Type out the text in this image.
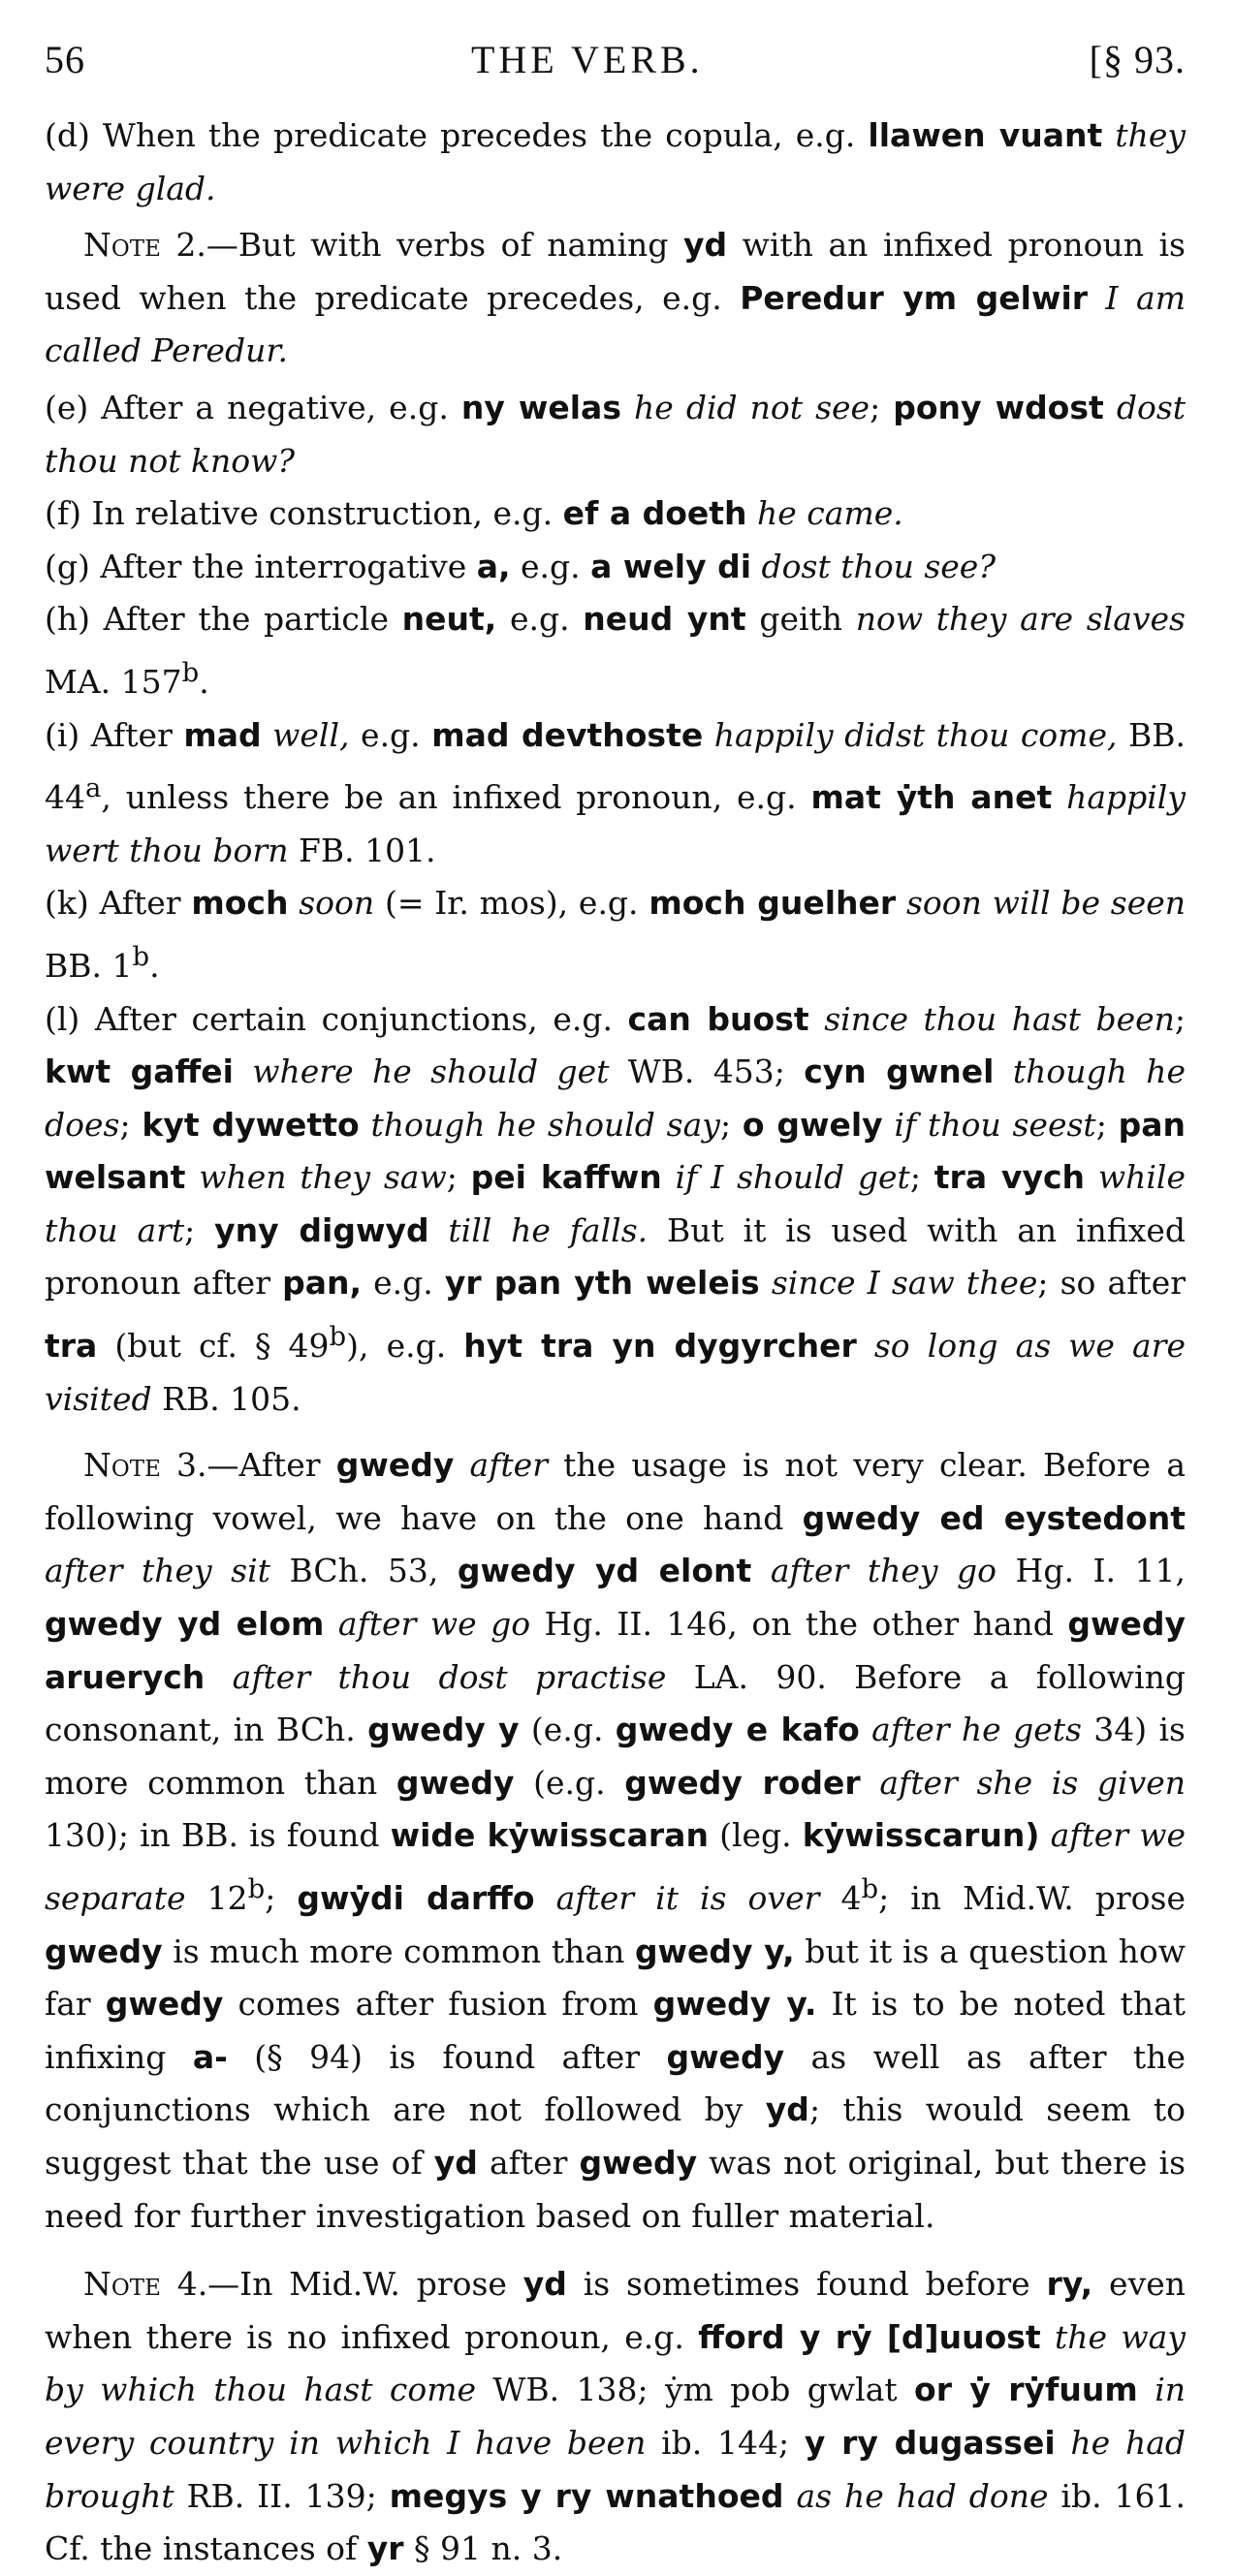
56	THE VERB.	[§ 93.

(d) When the predicate precedes the copula, e.g. llawen vuant they were glad.

Note 2.—But with verbs of naming yd with an infixed pronoun is used when the predicate precedes, e.g. Peredur ym gelwir I am called Peredur.

(e) After a negative, e.g. ny welas he did not see; pony wdost dost thou not know?

(f) In relative construction, e.g. ef a doeth he came.

(g) After the interrogative a, e.g. a wely di dost thou see?

(h) After the particle neut, e.g. neud ynt geith now they are slaves MA. 157$^b$.

(i) After mad well, e.g. mad devthoste happily didst thou come, BB. 44$^a$, unless there be an infixed pronoun, e.g. mat ẏth anet happily wert thou born FB. 101.

(k) After moch soon (= Ir. mos), e.g. moch guelher soon will be seen BB. 1$^b$.

(l) After certain conjunctions, e.g. can buost since thou hast been; kwt gaffei where he should get WB. 453; cyn gwnel though he does; kyt dywetto though he should say; o gwely if thou seest; pan welsant when they saw; pei kaffwn if I should get; tra vych while thou art; yny digwyd till he falls. But it is used with an infixed pronoun after pan, e.g. yr pan yth weleis since I saw thee; so after tra (but cf. § 49$^b$), e.g. hyt tra yn dygyrcher so long as we are visited RB. 105.

Note 3.—After gwedy after the usage is not very clear. Before a following vowel, we have on the one hand gwedy ed eystedont after they sit BCh. 53, gwedy yd elont after they go Hg. I. 11, gwedy yd elom after we go Hg. II. 146, on the other hand gwedy aruerych after thou dost practise LA. 90. Before a following consonant, in BCh. gwedy y (e.g. gwedy e kafo after he gets 34) is more common than gwedy (e.g. gwedy roder after she is given 130); in BB. is found wide kẏwisscaran (leg. kẏwisscarun) after we separate 12$^b$; gwẏdi darffo after it is over 4$^b$; in Mid.W. prose gwedy is much more common than gwedy y, but it is a question how far gwedy comes after fusion from gwedy y. It is to be noted that infixing a- (§ 94) is found after gwedy as well as after the conjunctions which are not followed by yd; this would seem to suggest that the use of yd after gwedy was not original, but there is need for further investigation based on fuller material.

Note 4.—In Mid.W. prose yd is sometimes found before ry, even when there is no infixed pronoun, e.g. fford y rẏ [d]uuost the way by which thou hast come WB. 138; ẏm pob gwlat or ẏ rẏfuum in every country in which I have been ib. 144; y ry dugassei he had brought RB. II. 139; megys y ry wnathoed as he had done ib. 161. Cf. the instances of yr § 91 n. 3.
